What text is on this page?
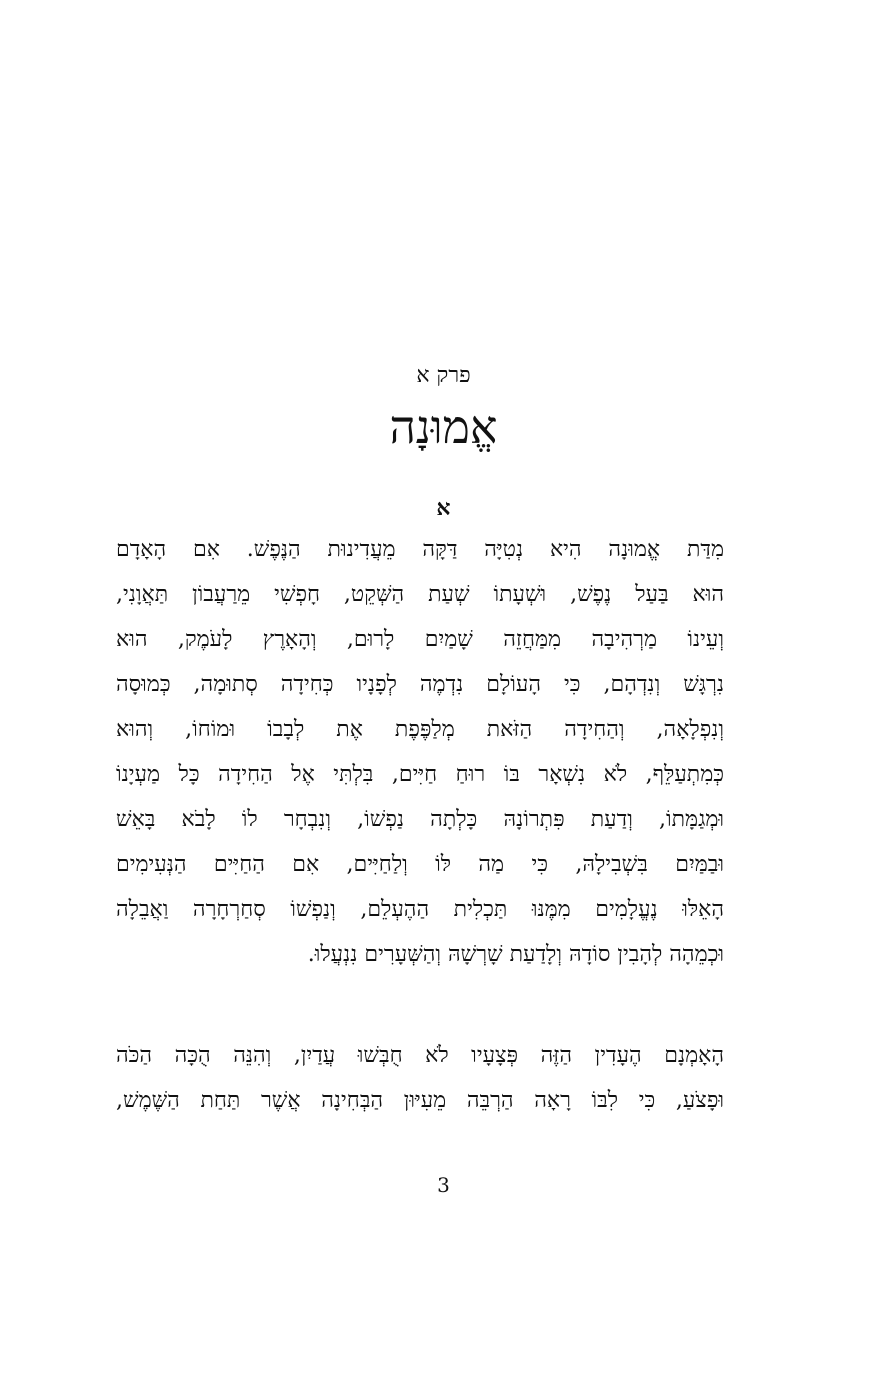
פרק א
אֱמוּנָה
א
מִדַּת אֱמוּנָה הִיא נְטִיָּה דַּקָּה מֵעֲדִינוּת הַנֶּפֶשׁ. אִם הָאָדָם
הוּא בַּעַל נֶפֶשׁ, וּשְׁעָתוֹ שְׁעַת הַשְּׁקֵט, חָפְשִׁי מֵרַעֲבוֹן תַּאֲוָנִי,
וְעֵינוֹ מַרְהִיבָה מִמַּחֲזֵה שָׁמַיִם לָרוּם, וְהָאָרֶץ לָעֹמֶק, הוּא
נִרְגָּשׁ וְנִדְהָם, כִּי הָעוֹלָם נִדְמֶה לְפָנָיו כְּחִידָה סְתוּמָה, כְּמוּסָה
וְנִפְלָאָה, וְהַחִידָה הַזֹּאת מְלַפֶּפֶת אֶת לְבָבוֹ וּמוֹחוֹ, וְהוּא
כְּמִתְעַלֵּף, לֹא נִשְׁאָר בּוֹ רוּחַ חַיִּים, בִּלְתִּי אֶל הַחִידָה כָּל מַעְיָנוֹ
וּמְגַמָּתוֹ, וְדַעַת פִּתְרוֹנָהּ כָּלְתָה נַפְשׁוֹ, וְנִבְחָר לוֹ לָבֹא בָּאֵשׁ
וּבַמַּיִם בִּשְׁבִילָהּ, כִּי מַה לּוֹ וְלַחַיִּים, אִם הַחַיִּים הַנְּעִימִים
הָאֵלּוּ נֶעֱלָמִים מִמֶּנּוּ תַּכְלִית הַהֶעְלֵם, וְנַפְשׁוֹ סְחַרְחָרָה וַאֲבֵלָה
וּכְמֵהָה לְהָבִין סוֹדָהּ וְלָדַעַת שָׁרְשָׁהּ וְהַשְּׁעָרִים נִנְעֲלוּ.
הָאָמְנָם הֶעָדִין הַזֶּה פְּצָעָיו לֹא חֻבְּשׁוּ עֲדַיִן, וְהִנֵּה הֻכָּה הַכֹּה
וּפָצֹעַ, כִּי לִבּוֹ רָאָה הַרְבֵּה מֵעִיּוּן הַבְּחִינָה אֲשֶׁר תַּחַת הַשֶּׁמֶשׁ,
3
